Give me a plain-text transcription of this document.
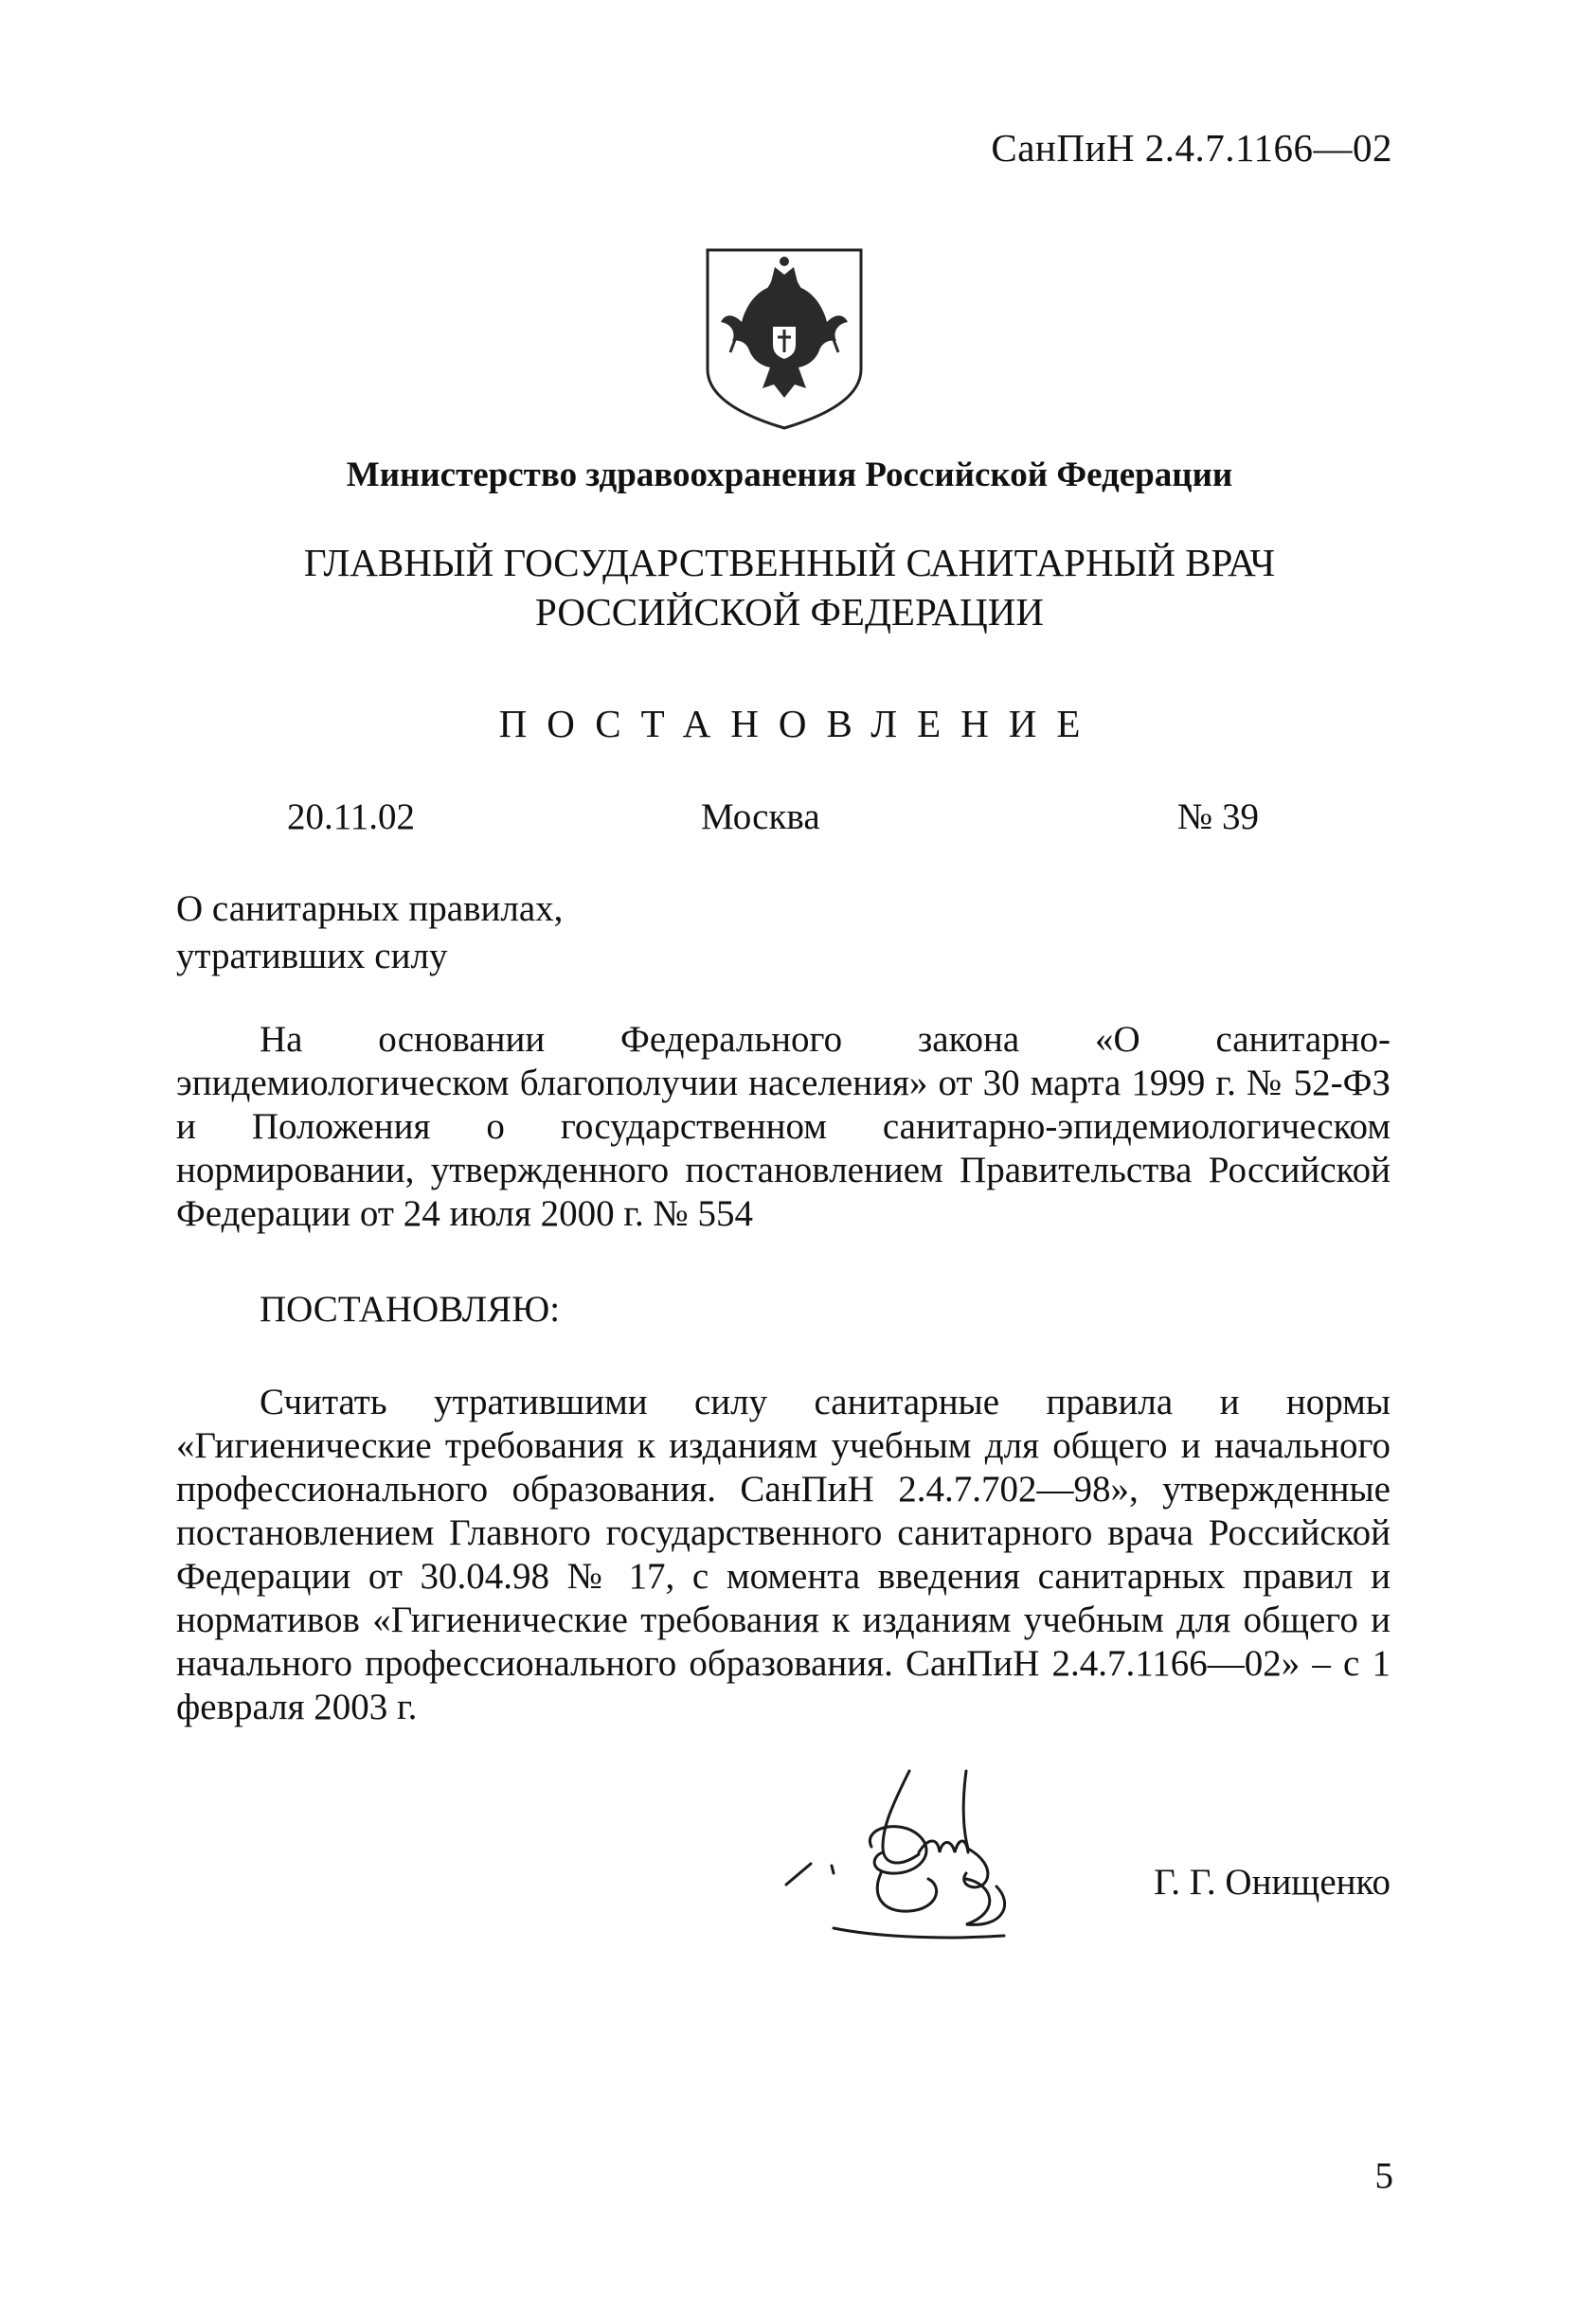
СанПиН 2.4.7.1166—02
Министерство здравоохранения Российской Федерации
ГЛАВНЫЙ ГОСУДАРСТВЕННЫЙ САНИТАРНЫЙ ВРАЧ
РОССИЙСКОЙ ФЕДЕРАЦИИ
ПОСТАНОВЛЕНИЕ
20.11.02	Москва	№ 39
О санитарных правилах,
утративших силу

На основании Федерального закона «О санитарно-эпидемиологическом благополучии населения» от 30 марта 1999 г. № 52-ФЗ и Положения о государственном санитарно-эпидемиологическом нормировании, утвержденного постановлением Правительства Российской Федерации от 24 июля 2000 г. № 554

ПОСТАНОВЛЯЮ:

Считать утратившими силу санитарные правила и нормы «Гигиенические требования к изданиям учебным для общего и начального профессионального образования. СанПиН 2.4.7.702—98», утвержденные постановлением Главного государственного санитарного врача Российской Федерации от 30.04.98 № 17, с момента введения санитарных правил и нормативов «Гигиенические требования к изданиям учебным для общего и начального профессионального образования. СанПиН 2.4.7.1166—02» – с 1 февраля 2003 г.

Г. Г. Онищенко
5
